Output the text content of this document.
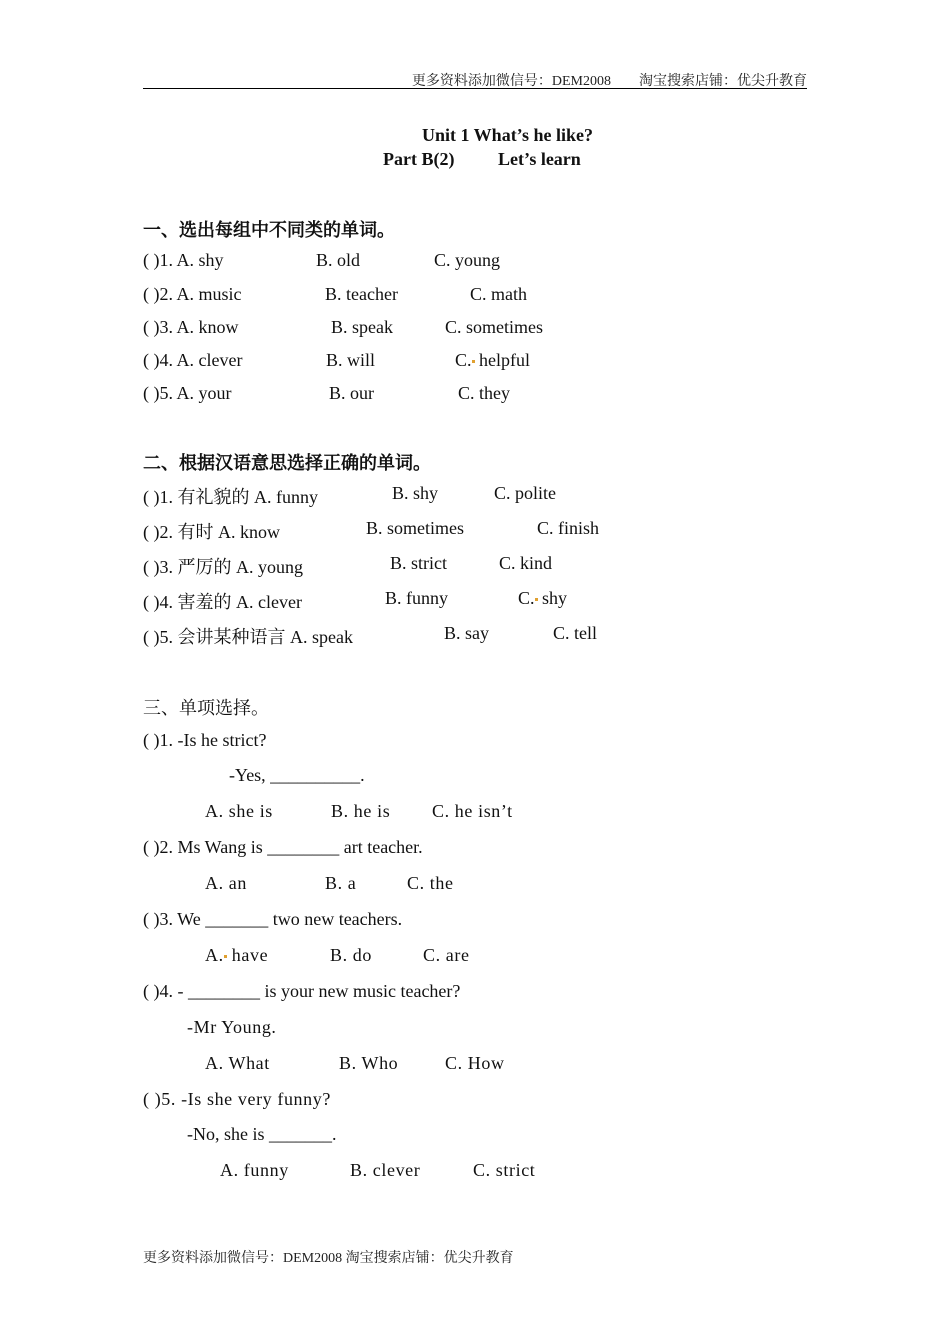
更多资料添加微信号：DEM2008　　淘宝搜索店铺：优尖升教育
Unit 1 What’s he like?
Part B(2) Let’s learn
一、选出每组中不同类的单词。
( )1. A. shy	B. old	C. young
( )2. A. music	B. teacher	C. math
( )3. A. know	B. speak	C. sometimes
( )4. A. clever	B. will	C. helpful
( )5. A. your	B. our	C. they
二、根据汉语意思选择正确的单词。
( )1. 有礼貌的 A. funny	B. shy	C. polite
( )2. 有时 A. know	B. sometimes	C. finish
( )3. 严厉的 A. young	B. strict	C. kind
( )4. 害羞的 A. clever	B. funny	C. shy
( )5. 会讲某种语言 A. speak	B. say	C. tell
三、单项选择。
( )1. -Is he strict?
-Yes, __________.
A. she is	B. he is C. he isn’t
( )2. Ms Wang is ________ art teacher.
A. an	B. a	C. the
( )3. We _______ two new teachers.
A. have	B. do	C. are
( )4. - ________ is your new music teacher?
-Mr Young.
A. What	B. Who	C. How
( )5. -Is she very funny?
-No, she is _______.
A. funny	B. clever	C. strict
更多资料添加微信号：DEM2008 淘宝搜索店铺：优尖升教育
